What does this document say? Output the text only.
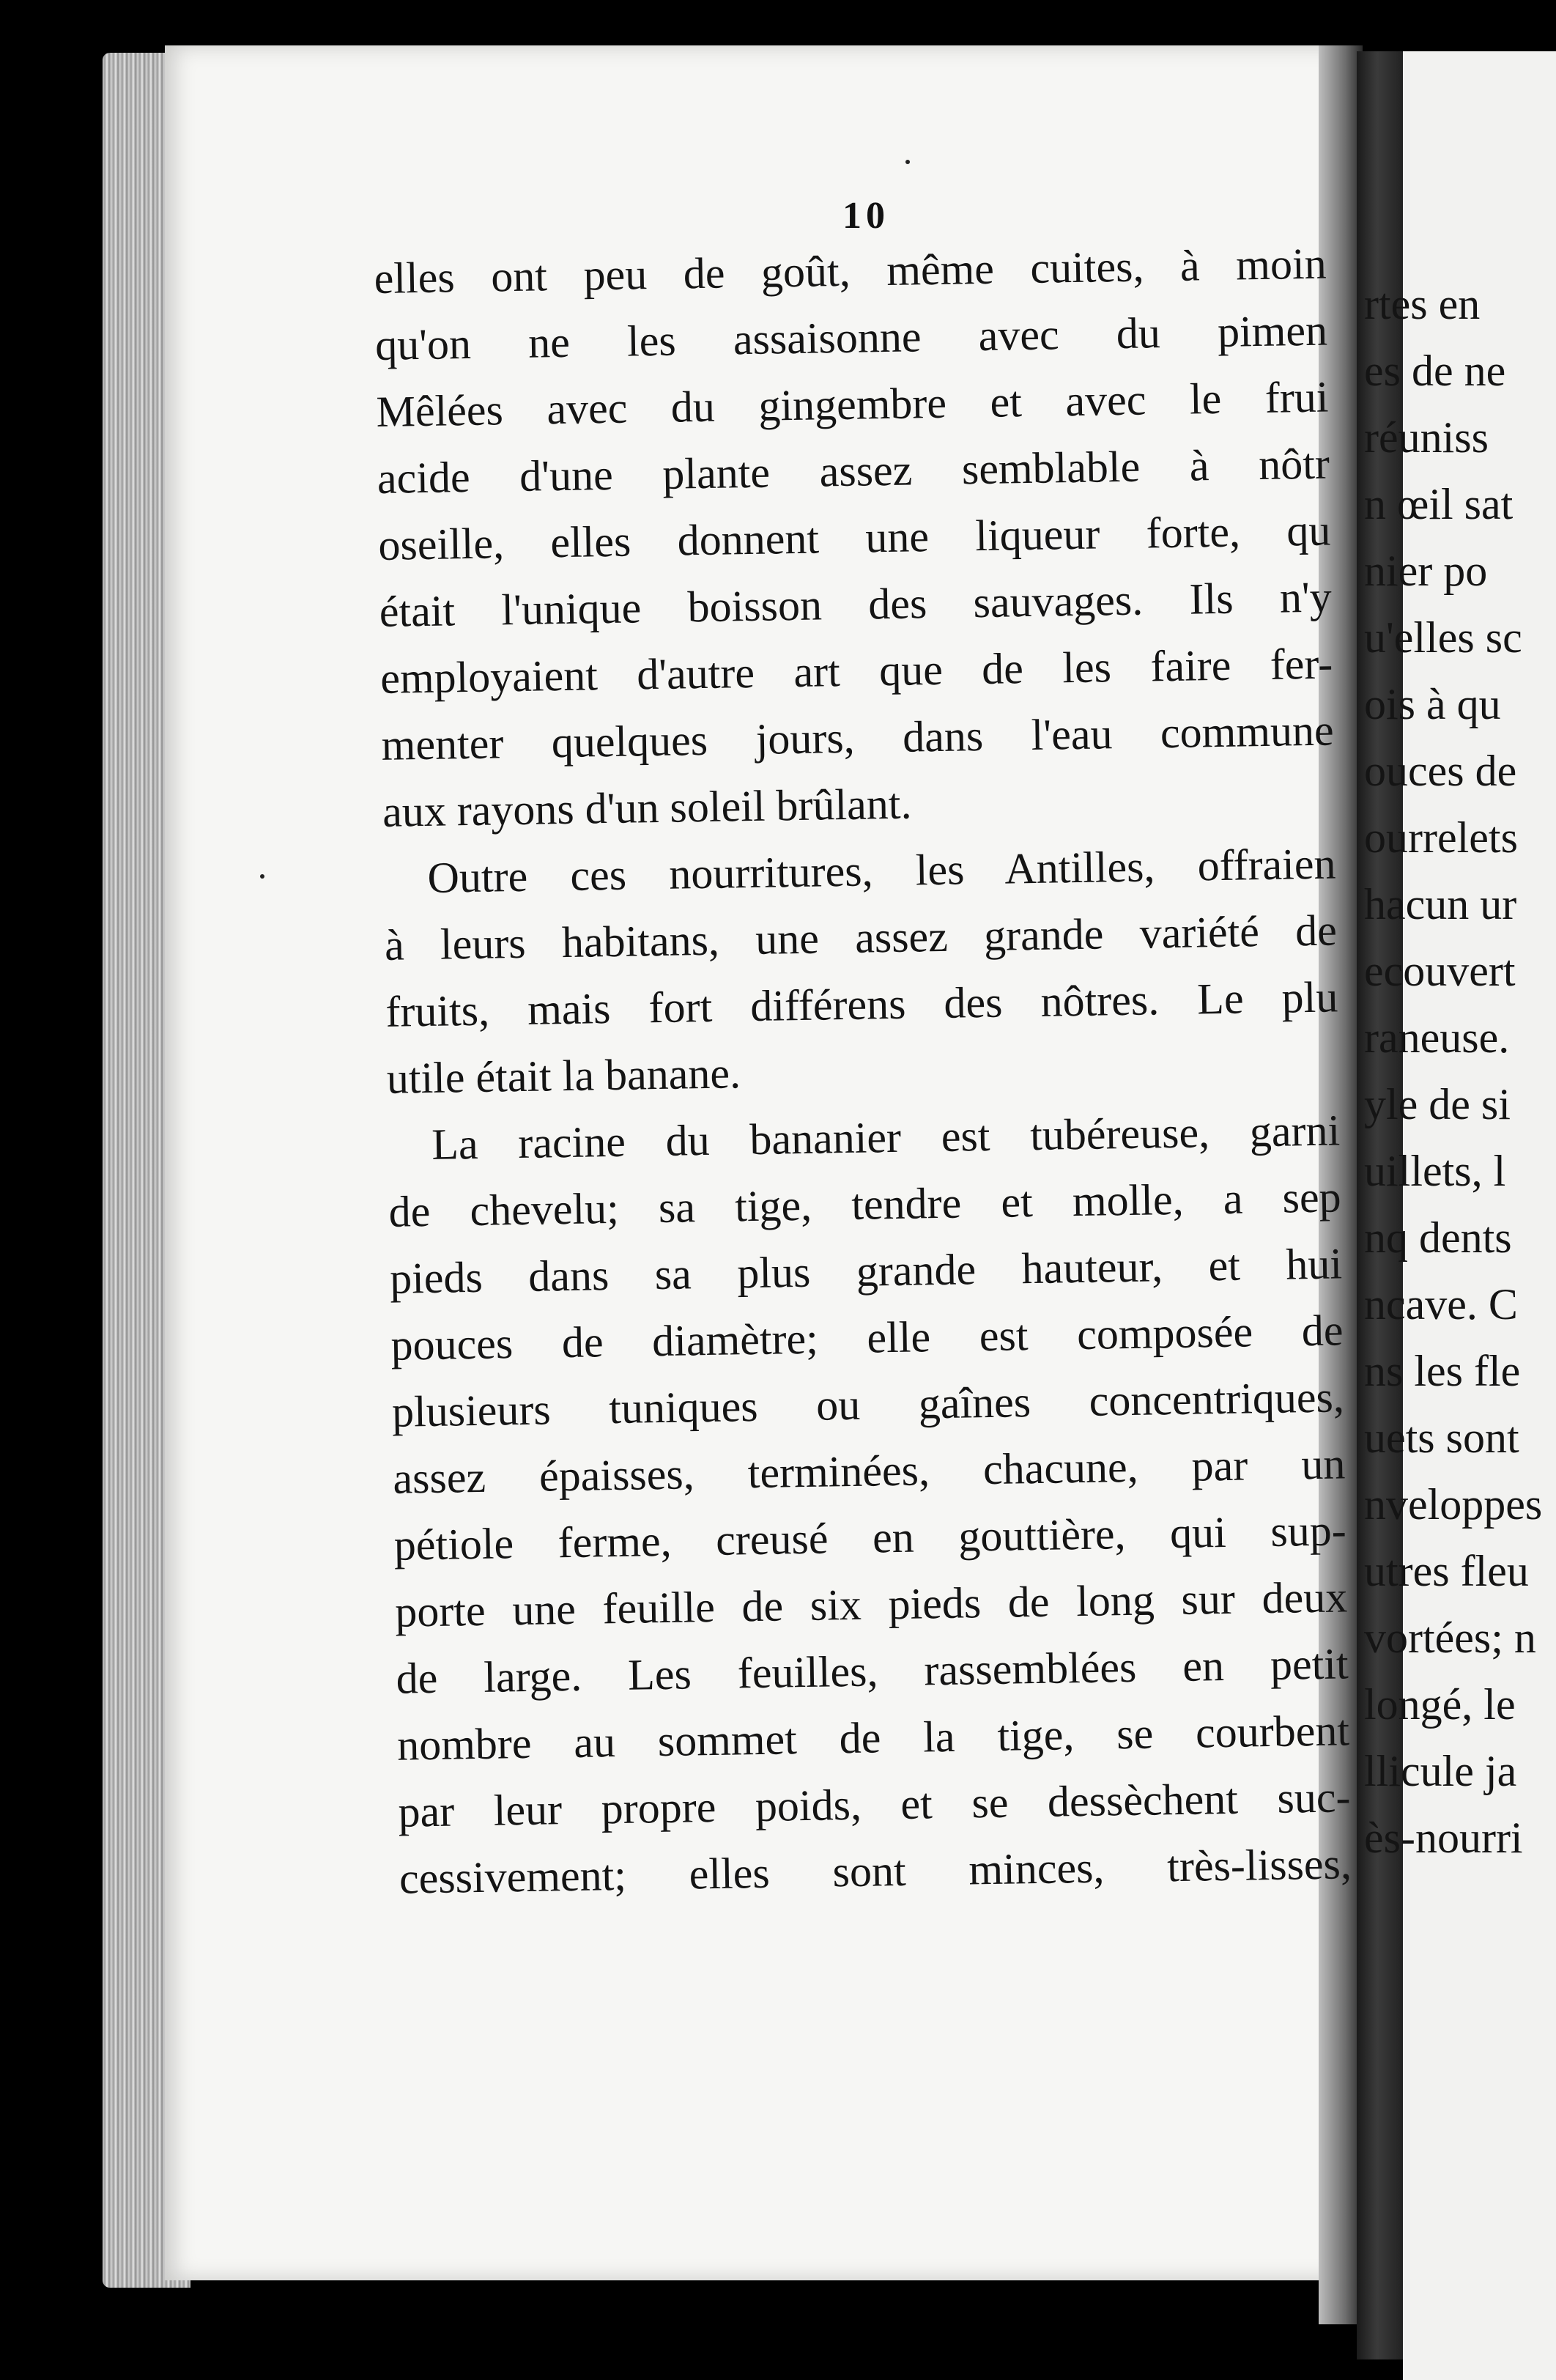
10
elles ont peu de goût, même cuites, à moin
qu'on ne les assaisonne avec du pimen
Mêlées avec du gingembre et avec le frui
acide d'une plante assez semblable à nôtr
oseille, elles donnent une liqueur forte, qu
était l'unique boisson des sauvages. Ils n'y
employaient d'autre art que de les faire fer-
menter quelques jours, dans l'eau commune
aux rayons d'un soleil brûlant.
Outre ces nourritures, les Antilles, offraien
à leurs habitans, une assez grande variété de
fruits, mais fort différens des nôtres. Le plu
utile était la banane.
La racine du bananier est tubéreuse, garni
de chevelu; sa tige, tendre et molle, a sep
pieds dans sa plus grande hauteur, et hui
pouces de diamètre; elle est composée de
plusieurs tuniques ou gaînes concentriques,
assez épaisses, terminées, chacune, par un
pétiole ferme, creusé en gouttière, qui sup-
porte une feuille de six pieds de long sur deux
de large. Les feuilles, rassemblées en petit
nombre au sommet de la tige, se courbent
par leur propre poids, et se dessèchent suc-
cessivement; elles sont minces, très-lisses,
rtes en
es de ne
réuniss
n œil sat
nier po
u'elles sc
ois à qu
ouces de
ourrelets
hacun ur
ecouvert
raneuse.
yle de si
uillets, l
nq dents
ncave. C
ns les fle
uets sont
nveloppes
utres fleu
vortées; n
longé, le
llicule ja
ès-nourri
